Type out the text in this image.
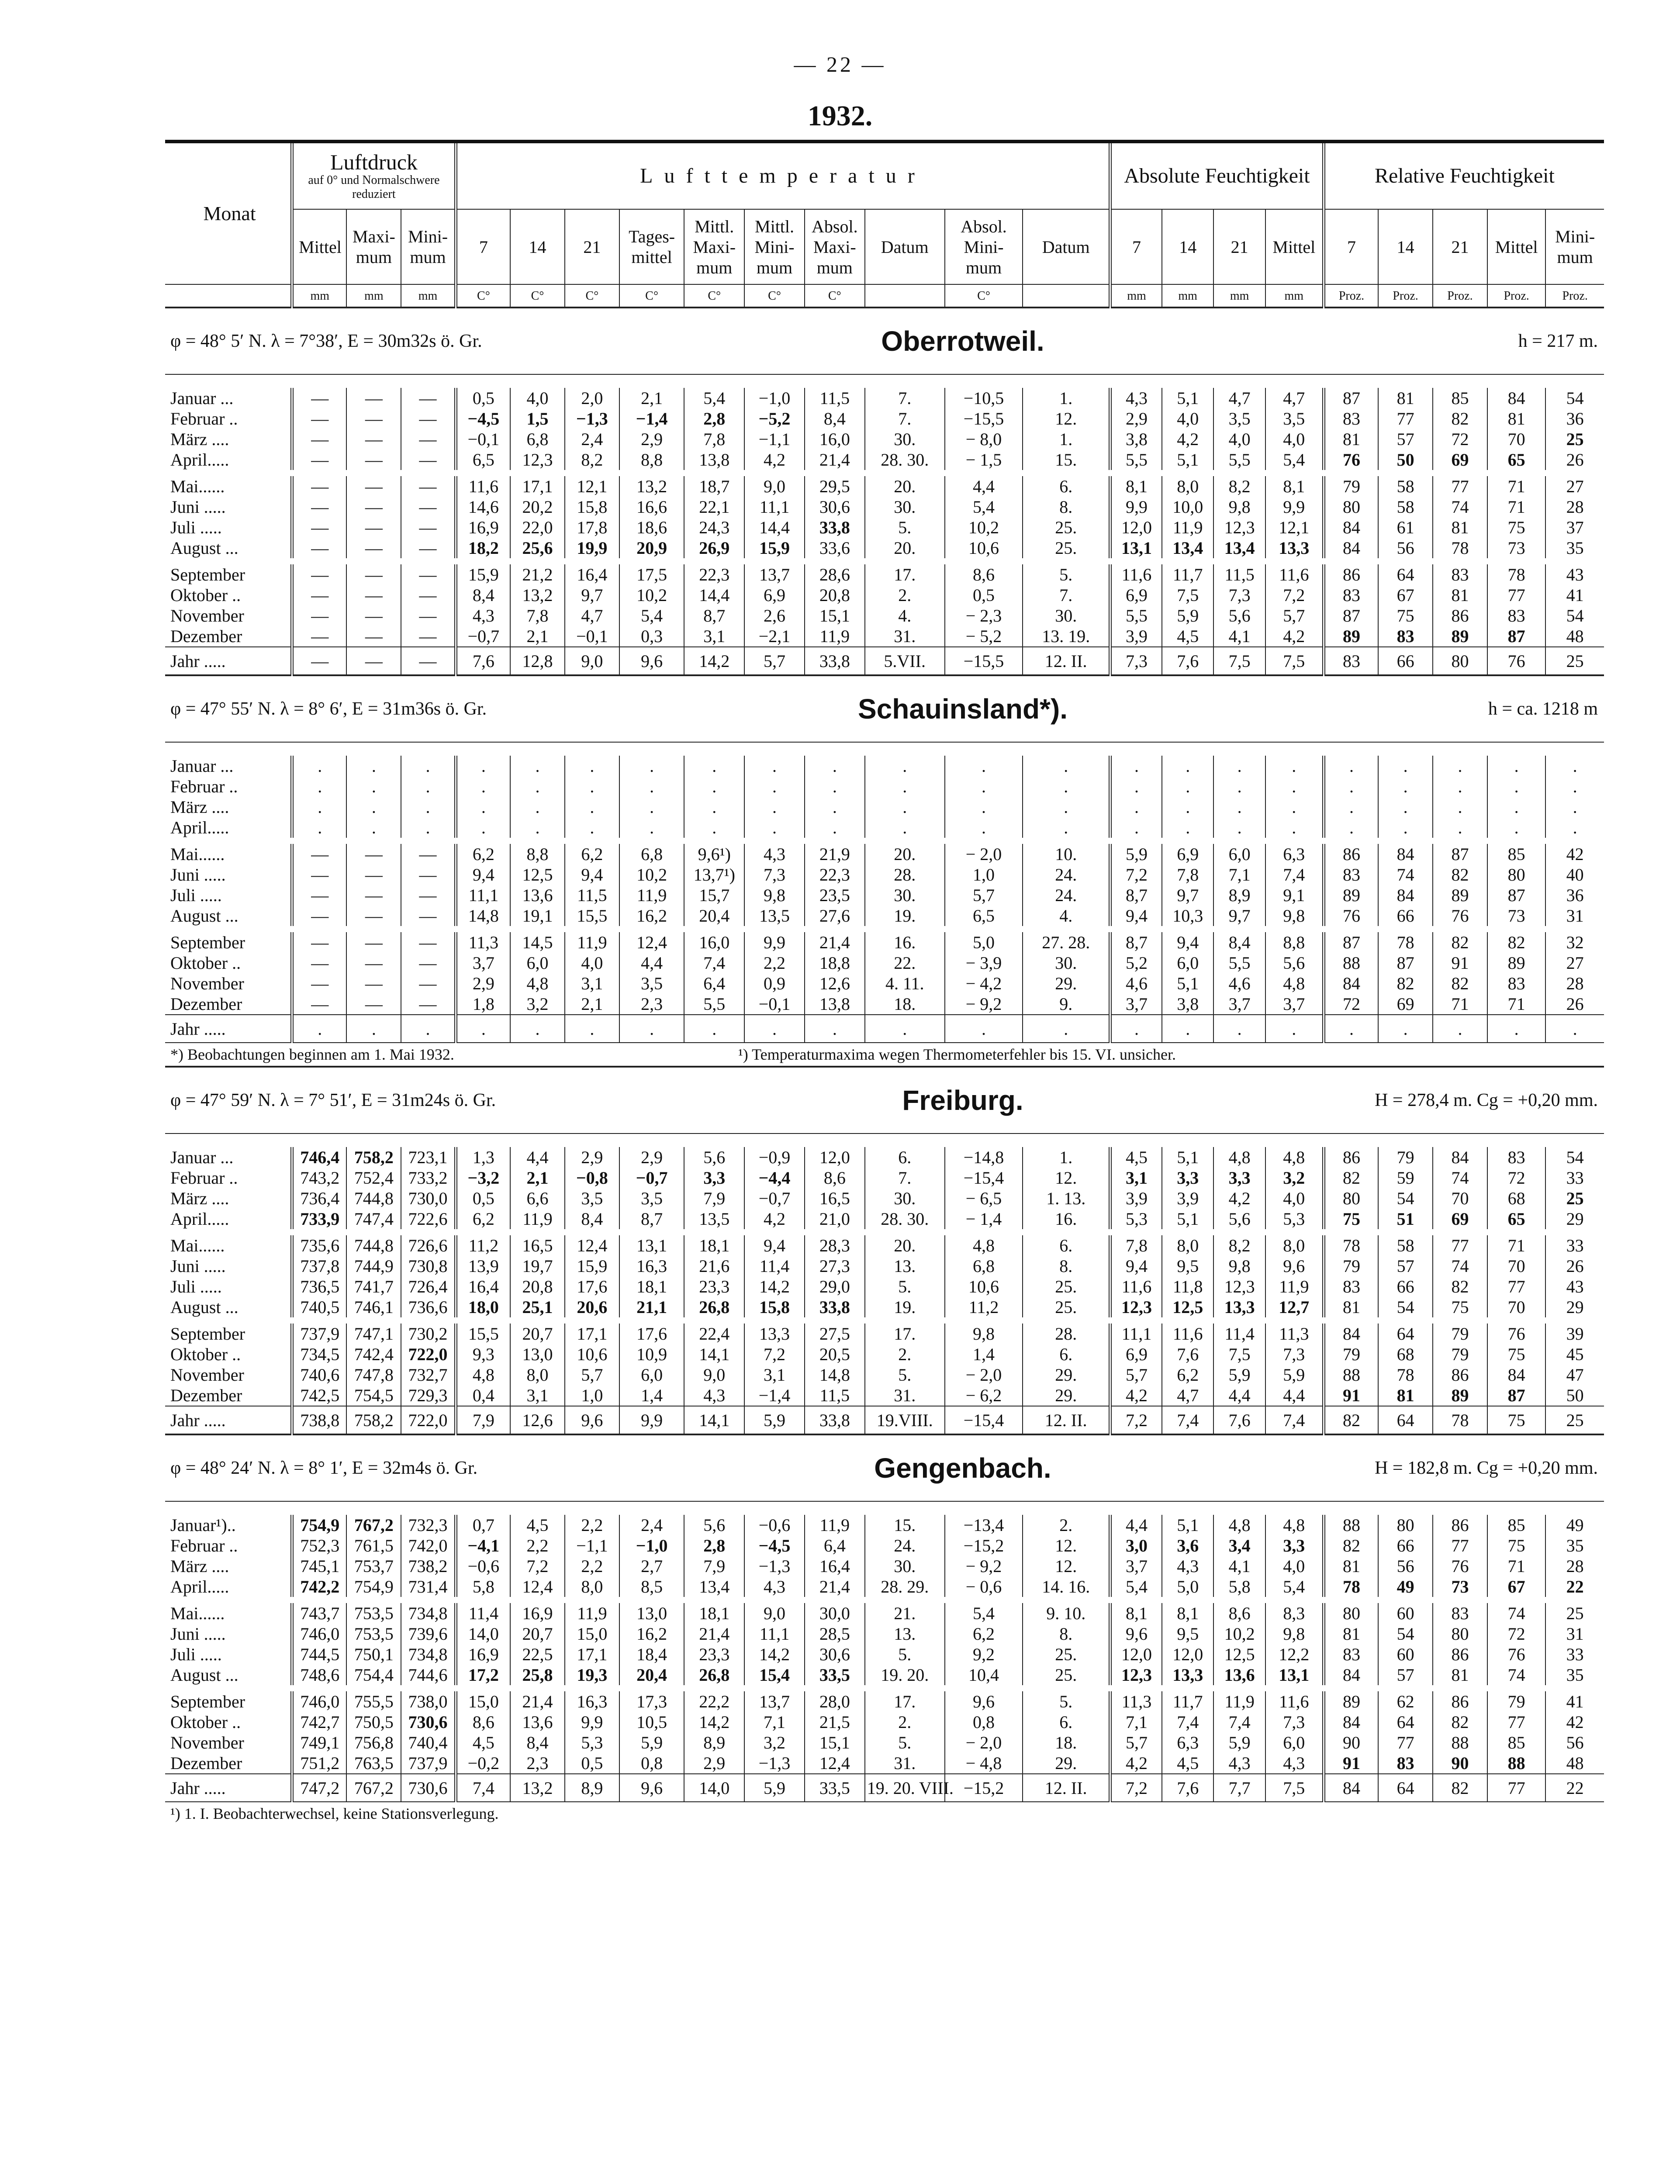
— 22 —
1932.
Monat	Luftdruck
auf 0° und Normalschwere reduziert			Lufttemperatur										Absolute Feuchtigkeit				Relative Feuchtigkeit				
	Mittel	Maxi-mum	Mini-mum	7	14	21	Tages-mittel	Mittl. Maxi-mum	Mittl. Mini-mum	Absol. Maxi-mum	Datum	Absol. Mini-mum	Datum	7	14	21	Mittel	7	14	21	Mittel	Mini-mum
	mm	mm	mm	C°	C°	C°	C°	C°	C°	C°		C°		mm	mm	mm	mm	Proz.	Proz.	Proz.	Proz.	Proz.

φ = 48° 5′ N. λ = 7°38′, E = 30m32s ö. Gr. Oberrotweil. h = 217 m.																						

Januar ...	—	—	—	0,5	4,0	2,0	2,1	5,4	−1,0	11,5	7.	−10,5	1.	4,3	5,1	4,7	4,7	87	81	85	84	54
Februar ..	—	—	—	−4,5	1,5	−1,3	−1,4	2,8	−5,2	8,4	7.	−15,5	12.	2,9	4,0	3,5	3,5	83	77	82	81	36
März ....	—	—	—	−0,1	6,8	2,4	2,9	7,8	−1,1	16,0	30.	− 8,0	1.	3,8	4,2	4,0	4,0	81	57	72	70	25
April.....	—	—	—	6,5	12,3	8,2	8,8	13,8	4,2	21,4	28. 30.	− 1,5	15.	5,5	5,1	5,5	5,4	76	50	69	65	26
Mai......	—	—	—	11,6	17,1	12,1	13,2	18,7	9,0	29,5	20.	4,4	6.	8,1	8,0	8,2	8,1	79	58	77	71	27
Juni .....	—	—	—	14,6	20,2	15,8	16,6	22,1	11,1	30,6	30.	5,4	8.	9,9	10,0	9,8	9,9	80	58	74	71	28
Juli .....	—	—	—	16,9	22,0	17,8	18,6	24,3	14,4	33,8	5.	10,2	25.	12,0	11,9	12,3	12,1	84	61	81	75	37
August ...	—	—	—	18,2	25,6	19,9	20,9	26,9	15,9	33,6	20.	10,6	25.	13,1	13,4	13,4	13,3	84	56	78	73	35
September	—	—	—	15,9	21,2	16,4	17,5	22,3	13,7	28,6	17.	8,6	5.	11,6	11,7	11,5	11,6	86	64	83	78	43
Oktober ..	—	—	—	8,4	13,2	9,7	10,2	14,4	6,9	20,8	2.	0,5	7.	6,9	7,5	7,3	7,2	83	67	81	77	41
November	—	—	—	4,3	7,8	4,7	5,4	8,7	2,6	15,1	4.	− 2,3	30.	5,5	5,9	5,6	5,7	87	75	86	83	54
Dezember	—	—	—	−0,7	2,1	−0,1	0,3	3,1	−2,1	11,9	31.	− 5,2	13. 19.	3,9	4,5	4,1	4,2	89	83	89	87	48
Jahr .....	—	—	—	7,6	12,8	9,0	9,6	14,2	5,7	33,8	5.VII.	−15,5	12. II.	7,3	7,6	7,5	7,5	83	66	80	76	25

φ = 47° 55′ N. λ = 8° 6′, E = 31m36s ö. Gr. Schauinsland*). h = ca. 1218 m																						

Januar ...	.	.	.	.	.	.	.	.	.	.	.	.	.	.	.	.	.	.	.	.	.	.
Februar ..	.	.	.	.	.	.	.	.	.	.	.	.	.	.	.	.	.	.	.	.	.	.
März ....	.	.	.	.	.	.	.	.	.	.	.	.	.	.	.	.	.	.	.	.	.	.
April.....	.	.	.	.	.	.	.	.	.	.	.	.	.	.	.	.	.	.	.	.	.	.
Mai......	—	—	—	6,2	8,8	6,2	6,8	9,6¹)	4,3	21,9	20.	− 2,0	10.	5,9	6,9	6,0	6,3	86	84	87	85	42
Juni .....	—	—	—	9,4	12,5	9,4	10,2	13,7¹)	7,3	22,3	28.	1,0	24.	7,2	7,8	7,1	7,4	83	74	82	80	40
Juli .....	—	—	—	11,1	13,6	11,5	11,9	15,7	9,8	23,5	30.	5,7	24.	8,7	9,7	8,9	9,1	89	84	89	87	36
August ...	—	—	—	14,8	19,1	15,5	16,2	20,4	13,5	27,6	19.	6,5	4.	9,4	10,3	9,7	9,8	76	66	76	73	31
September	—	—	—	11,3	14,5	11,9	12,4	16,0	9,9	21,4	16.	5,0	27. 28.	8,7	9,4	8,4	8,8	87	78	82	82	32
Oktober ..	—	—	—	3,7	6,0	4,0	4,4	7,4	2,2	18,8	22.	− 3,9	30.	5,2	6,0	5,5	5,6	88	87	91	89	27
November	—	—	—	2,9	4,8	3,1	3,5	6,4	0,9	12,6	4. 11.	− 4,2	29.	4,6	5,1	4,6	4,8	84	82	82	83	28
Dezember	—	—	—	1,8	3,2	2,1	2,3	5,5	−0,1	13,8	18.	− 9,2	9.	3,7	3,8	3,7	3,7	72	69	71	71	26
Jahr .....	.	.	.	.	.	.	.	.	.	.	.	.	.	.	.	.	.	.	.	.	.	.

*) Beobachtungen beginnen am 1. Mai 1932. ¹) Temperaturmaxima wegen Thermometerfehler bis 15. VI. unsicher.																						

φ = 47° 59′ N. λ = 7° 51′, E = 31m24s ö. Gr. Freiburg. H = 278,4 m. Cg = +0,20 mm.																						

Januar ...	746,4	758,2	723,1	1,3	4,4	2,9	2,9	5,6	−0,9	12,0	6.	−14,8	1.	4,5	5,1	4,8	4,8	86	79	84	83	54
Februar ..	743,2	752,4	733,2	−3,2	2,1	−0,8	−0,7	3,3	−4,4	8,6	7.	−15,4	12.	3,1	3,3	3,3	3,2	82	59	74	72	33
März ....	736,4	744,8	730,0	0,5	6,6	3,5	3,5	7,9	−0,7	16,5	30.	− 6,5	1. 13.	3,9	3,9	4,2	4,0	80	54	70	68	25
April.....	733,9	747,4	722,6	6,2	11,9	8,4	8,7	13,5	4,2	21,0	28. 30.	− 1,4	16.	5,3	5,1	5,6	5,3	75	51	69	65	29
Mai......	735,6	744,8	726,6	11,2	16,5	12,4	13,1	18,1	9,4	28,3	20.	4,8	6.	7,8	8,0	8,2	8,0	78	58	77	71	33
Juni .....	737,8	744,9	730,8	13,9	19,7	15,9	16,3	21,6	11,4	27,3	13.	6,8	8.	9,4	9,5	9,8	9,6	79	57	74	70	26
Juli .....	736,5	741,7	726,4	16,4	20,8	17,6	18,1	23,3	14,2	29,0	5.	10,6	25.	11,6	11,8	12,3	11,9	83	66	82	77	43
August ...	740,5	746,1	736,6	18,0	25,1	20,6	21,1	26,8	15,8	33,8	19.	11,2	25.	12,3	12,5	13,3	12,7	81	54	75	70	29
September	737,9	747,1	730,2	15,5	20,7	17,1	17,6	22,4	13,3	27,5	17.	9,8	28.	11,1	11,6	11,4	11,3	84	64	79	76	39
Oktober ..	734,5	742,4	722,0	9,3	13,0	10,6	10,9	14,1	7,2	20,5	2.	1,4	6.	6,9	7,6	7,5	7,3	79	68	79	75	45
November	740,6	747,8	732,7	4,8	8,0	5,7	6,0	9,0	3,1	14,8	5.	− 2,0	29.	5,7	6,2	5,9	5,9	88	78	86	84	47
Dezember	742,5	754,5	729,3	0,4	3,1	1,0	1,4	4,3	−1,4	11,5	31.	− 6,2	29.	4,2	4,7	4,4	4,4	91	81	89	87	50
Jahr .....	738,8	758,2	722,0	7,9	12,6	9,6	9,9	14,1	5,9	33,8	19.VIII.	−15,4	12. II.	7,2	7,4	7,6	7,4	82	64	78	75	25

φ = 48° 24′ N. λ = 8° 1′, E = 32m4s ö. Gr. Gengenbach. H = 182,8 m. Cg = +0,20 mm.																						

Januar¹)..	754,9	767,2	732,3	0,7	4,5	2,2	2,4	5,6	−0,6	11,9	15.	−13,4	2.	4,4	5,1	4,8	4,8	88	80	86	85	49
Februar ..	752,3	761,5	742,0	−4,1	2,2	−1,1	−1,0	2,8	−4,5	6,4	24.	−15,2	12.	3,0	3,6	3,4	3,3	82	66	77	75	35
März ....	745,1	753,7	738,2	−0,6	7,2	2,2	2,7	7,9	−1,3	16,4	30.	− 9,2	12.	3,7	4,3	4,1	4,0	81	56	76	71	28
April.....	742,2	754,9	731,4	5,8	12,4	8,0	8,5	13,4	4,3	21,4	28. 29.	− 0,6	14. 16.	5,4	5,0	5,8	5,4	78	49	73	67	22
Mai......	743,7	753,5	734,8	11,4	16,9	11,9	13,0	18,1	9,0	30,0	21.	5,4	9. 10.	8,1	8,1	8,6	8,3	80	60	83	74	25
Juni .....	746,0	753,5	739,6	14,0	20,7	15,0	16,2	21,4	11,1	28,5	13.	6,2	8.	9,6	9,5	10,2	9,8	81	54	80	72	31
Juli .....	744,5	750,1	734,8	16,9	22,5	17,1	18,4	23,3	14,2	30,6	5.	9,2	25.	12,0	12,0	12,5	12,2	83	60	86	76	33
August ...	748,6	754,4	744,6	17,2	25,8	19,3	20,4	26,8	15,4	33,5	19. 20.	10,4	25.	12,3	13,3	13,6	13,1	84	57	81	74	35
September	746,0	755,5	738,0	15,0	21,4	16,3	17,3	22,2	13,7	28,0	17.	9,6	5.	11,3	11,7	11,9	11,6	89	62	86	79	41
Oktober ..	742,7	750,5	730,6	8,6	13,6	9,9	10,5	14,2	7,1	21,5	2.	0,8	6.	7,1	7,4	7,4	7,3	84	64	82	77	42
November	749,1	756,8	740,4	4,5	8,4	5,3	5,9	8,9	3,2	15,1	5.	− 2,0	18.	5,7	6,3	5,9	6,0	90	77	88	85	56
Dezember	751,2	763,5	737,9	−0,2	2,3	0,5	0,8	2,9	−1,3	12,4	31.	− 4,8	29.	4,2	4,5	4,3	4,3	91	83	90	88	48
Jahr .....	747,2	767,2	730,6	7,4	13,2	8,9	9,6	14,0	5,9	33,5	19. 20. VIII.	−15,2	12. II.	7,2	7,6	7,7	7,5	84	64	82	77	22

¹) 1. I. Beobachterwechsel, keine Stationsverlegung.																						
